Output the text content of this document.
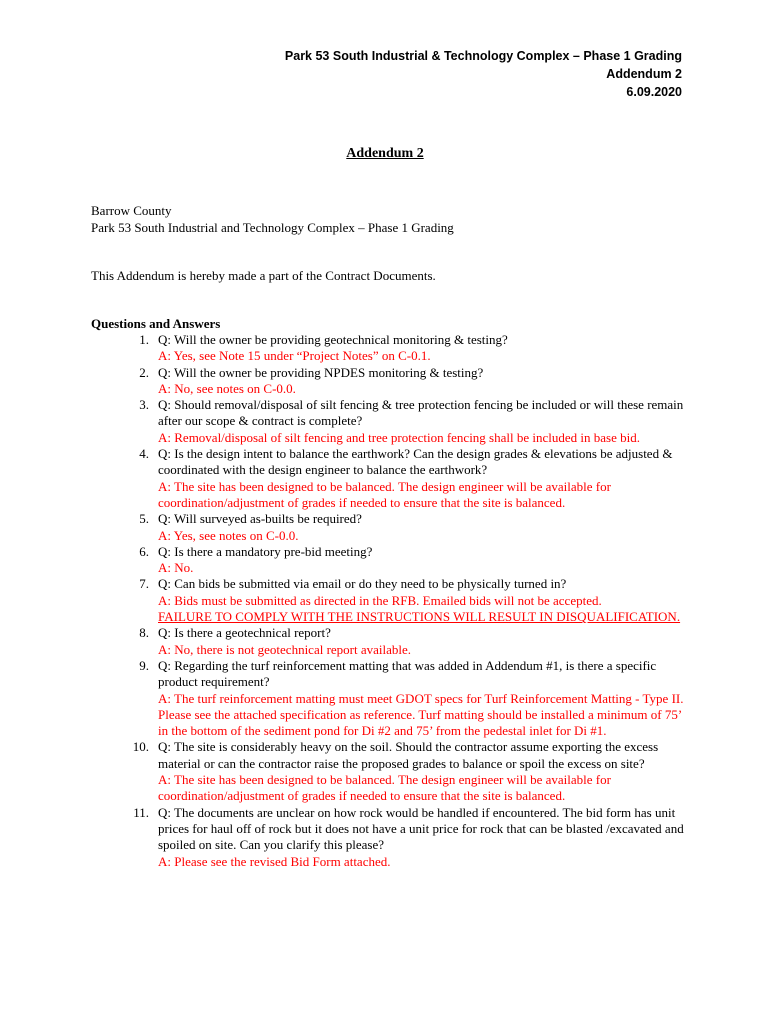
Park 53 South Industrial & Technology Complex – Phase 1 Grading
Addendum 2
6.09.2020
Addendum 2
Barrow County
Park 53 South Industrial and Technology Complex – Phase 1 Grading
This Addendum is hereby made a part of the Contract Documents.
Questions and Answers
1. Q: Will the owner be providing geotechnical monitoring & testing?
A: Yes, see Note 15 under “Project Notes” on C-0.1.
2. Q: Will the owner be providing NPDES monitoring & testing?
A: No, see notes on C-0.0.
3. Q: Should removal/disposal of silt fencing & tree protection fencing be included or will these remain after our scope & contract is complete?
A: Removal/disposal of silt fencing and tree protection fencing shall be included in base bid.
4. Q: Is the design intent to balance the earthwork? Can the design grades & elevations be adjusted & coordinated with the design engineer to balance the earthwork?
A: The site has been designed to be balanced. The design engineer will be available for coordination/adjustment of grades if needed to ensure that the site is balanced.
5. Q: Will surveyed as-builts be required?
A: Yes, see notes on C-0.0.
6. Q: Is there a mandatory pre-bid meeting?
A: No.
7. Q: Can bids be submitted via email or do they need to be physically turned in?
A: Bids must be submitted as directed in the RFB. Emailed bids will not be accepted.
FAILURE TO COMPLY WITH THE INSTRUCTIONS WILL RESULT IN DISQUALIFICATION.
8. Q: Is there a geotechnical report?
A: No, there is not geotechnical report available.
9. Q: Regarding the turf reinforcement matting that was added in Addendum #1, is there a specific product requirement?
A: The turf reinforcement matting must meet GDOT specs for Turf Reinforcement Matting - Type II. Please see the attached specification as reference. Turf matting should be installed a minimum of 75’ in the bottom of the sediment pond for Di #2 and 75’ from the pedestal inlet for Di #1.
10. Q: The site is considerably heavy on the soil. Should the contractor assume exporting the excess material or can the contractor raise the proposed grades to balance or spoil the excess on site?
A: The site has been designed to be balanced. The design engineer will be available for coordination/adjustment of grades if needed to ensure that the site is balanced.
11. Q: The documents are unclear on how rock would be handled if encountered. The bid form has unit prices for haul off of rock but it does not have a unit price for rock that can be blasted /excavated and spoiled on site. Can you clarify this please?
A: Please see the revised Bid Form attached.
